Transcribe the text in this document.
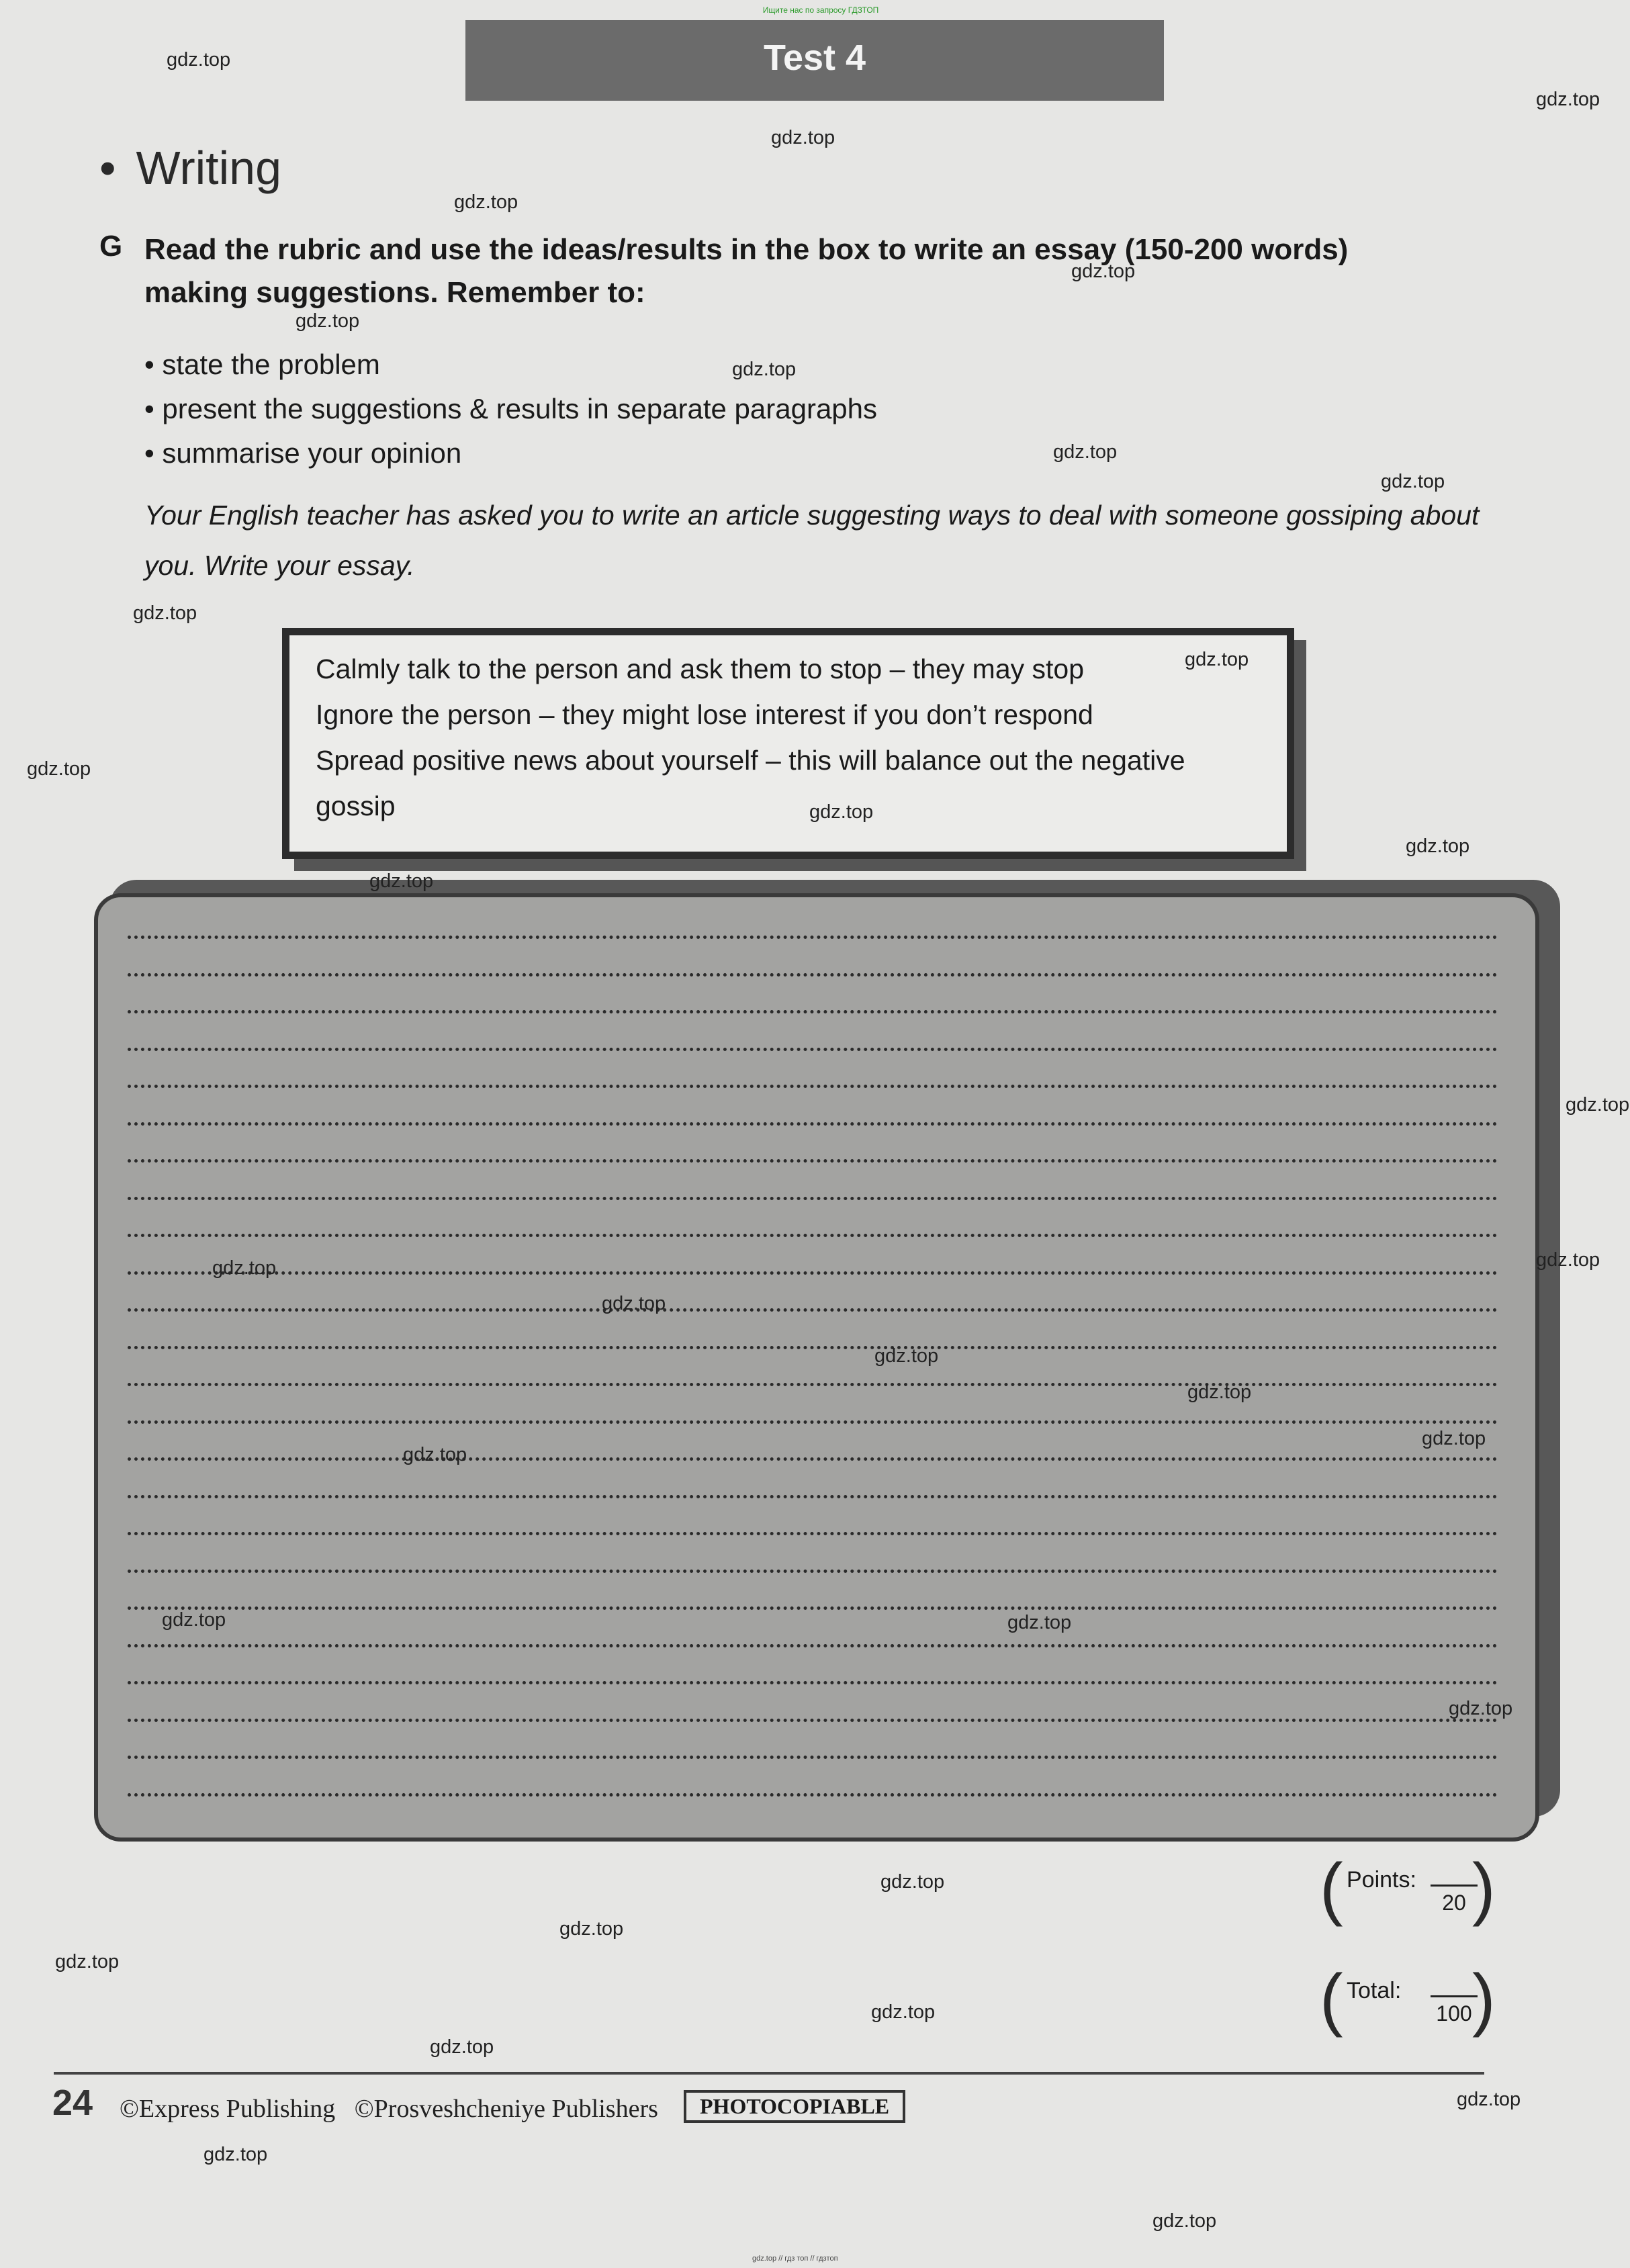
Ищите нас по запросу ГДЗТОП
Test 4
• Writing
G Read the rubric and use the ideas/results in the box to write an essay (150-200 words) making suggestions. Remember to:
• state the problem
• present the suggestions & results in separate paragraphs
• summarise your opinion
Your English teacher has asked you to write an article suggesting ways to deal with someone gossiping about you. Write your essay.
Calmly talk to the person and ask them to stop – they may stop
Ignore the person – they might lose interest if you don’t respond
Spread positive news about yourself – this will balance out the negative gossip
( Points:
20 )
( Total:
100 )
24 ©Express Publishing ©Prosveshcheniye Publishers	PHOTOCOPIABLE
gdz.top
gdz.top
gdz.top
gdz.top
gdz.top
gdz.top
gdz.top
gdz.top
gdz.top
gdz.top
gdz.top
gdz.top
gdz.top
gdz.top
gdz.top
gdz.top
gdz.top
gdz.top
gdz.top
gdz.top
gdz.top
gdz.top
gdz.top
gdz.top
gdz.top
gdz.top
gdz.top
gdz.top
gdz.top
gdz.top
gdz.top
gdz.top
gdz.top
gdz.top
gdz.top // гдз топ // гдзтоп
